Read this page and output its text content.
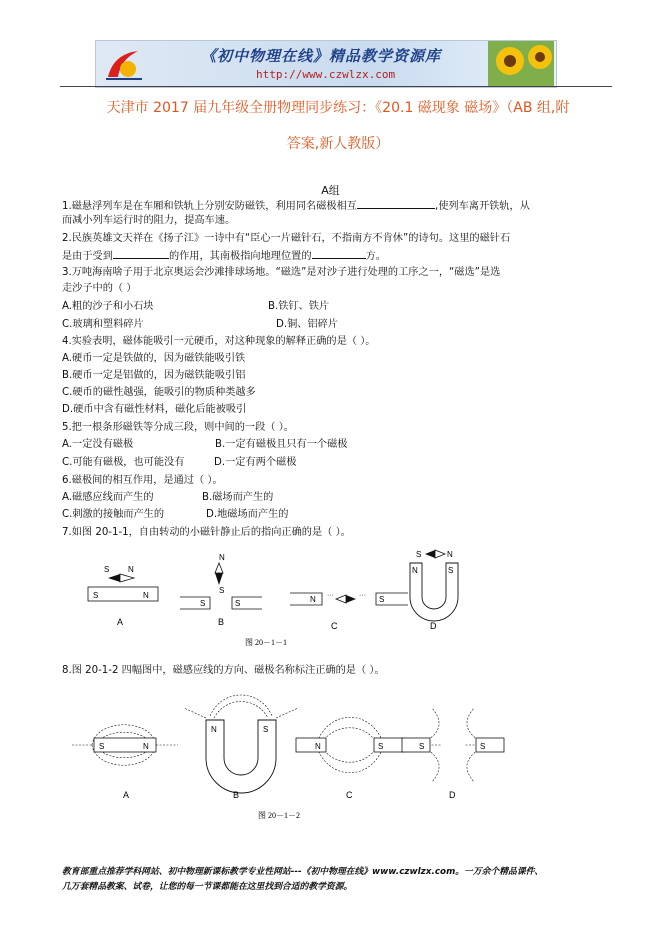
《初中物理在线》精品教学资源库
http://www.czwlzx.com
天津市 2017 届九年级全册物理同步练习：《20.1 磁现象 磁场》（AB 组,附
答案,新人教版）
A组
1.磁悬浮列车是在车厢和铁轨上分别安防磁铁，利用同名磁极相互	,使列车离开铁轨，从
而减小列车运行时的阻力，提高车速。
2.民族英雄文天祥在《扬子江》一诗中有“臣心一片磁针石，不指南方不肯休”的诗句。这里的磁针石
是由于受到	的作用，其南极指向地理位置的	方。
3.万吨海南啥子用于北京奥运会沙滩排球场地。“磁选”是对沙子进行处理的工序之一，“磁选”是选
走沙子中的（ ）
A.粗的沙子和小石块	B.铁钉、铁片
C.玻璃和塑料碎片	D.铜、铝碎片
4.实验表明，磁体能吸引一元硬币，对这种现象的解释正确的是（ ）。
A.硬币一定是铁做的，因为磁铁能吸引铁
B.硬币一定是铝做的，因为磁铁能吸引铝
C.硬币的磁性越强，能吸引的物质种类越多
D.硬币中含有磁性材料，磁化后能被吸引
5.把一根条形磁铁等分成三段，则中间的一段（ ）。
A.一定没有磁极	B.一定有磁极且只有一个磁极
C.可能有磁极，也可能没有	D.一定有两个磁极
6.磁极间的相互作用，是通过（ ）。
A.磁感应线而产生的	B.磁场而产生的
C.刺激的接触而产生的	D.地磁场而产生的
7.如图 20-1-1，自由转动的小磁针静止后的指向正确的是（ ）。
S N
S	N
A
N
S
S	S
B
N ···	··· S
C
S	N
N	S
D
图 20－1－1
8.图 20-1-2 四幅图中，磁感应线的方向、磁极名称标注正确的是（ ）。
S	N
A
N	S
B
N	S
C
S	S
D
图 20－1－2
教育部重点推荐学科网站、初中物理新课标教学专业性网站---《初中物理在线》www.czwlzx.com。一万余个精品课件、
几万套精品教案、试卷，让您的每一节课都能在这里找到合适的教学资源。
